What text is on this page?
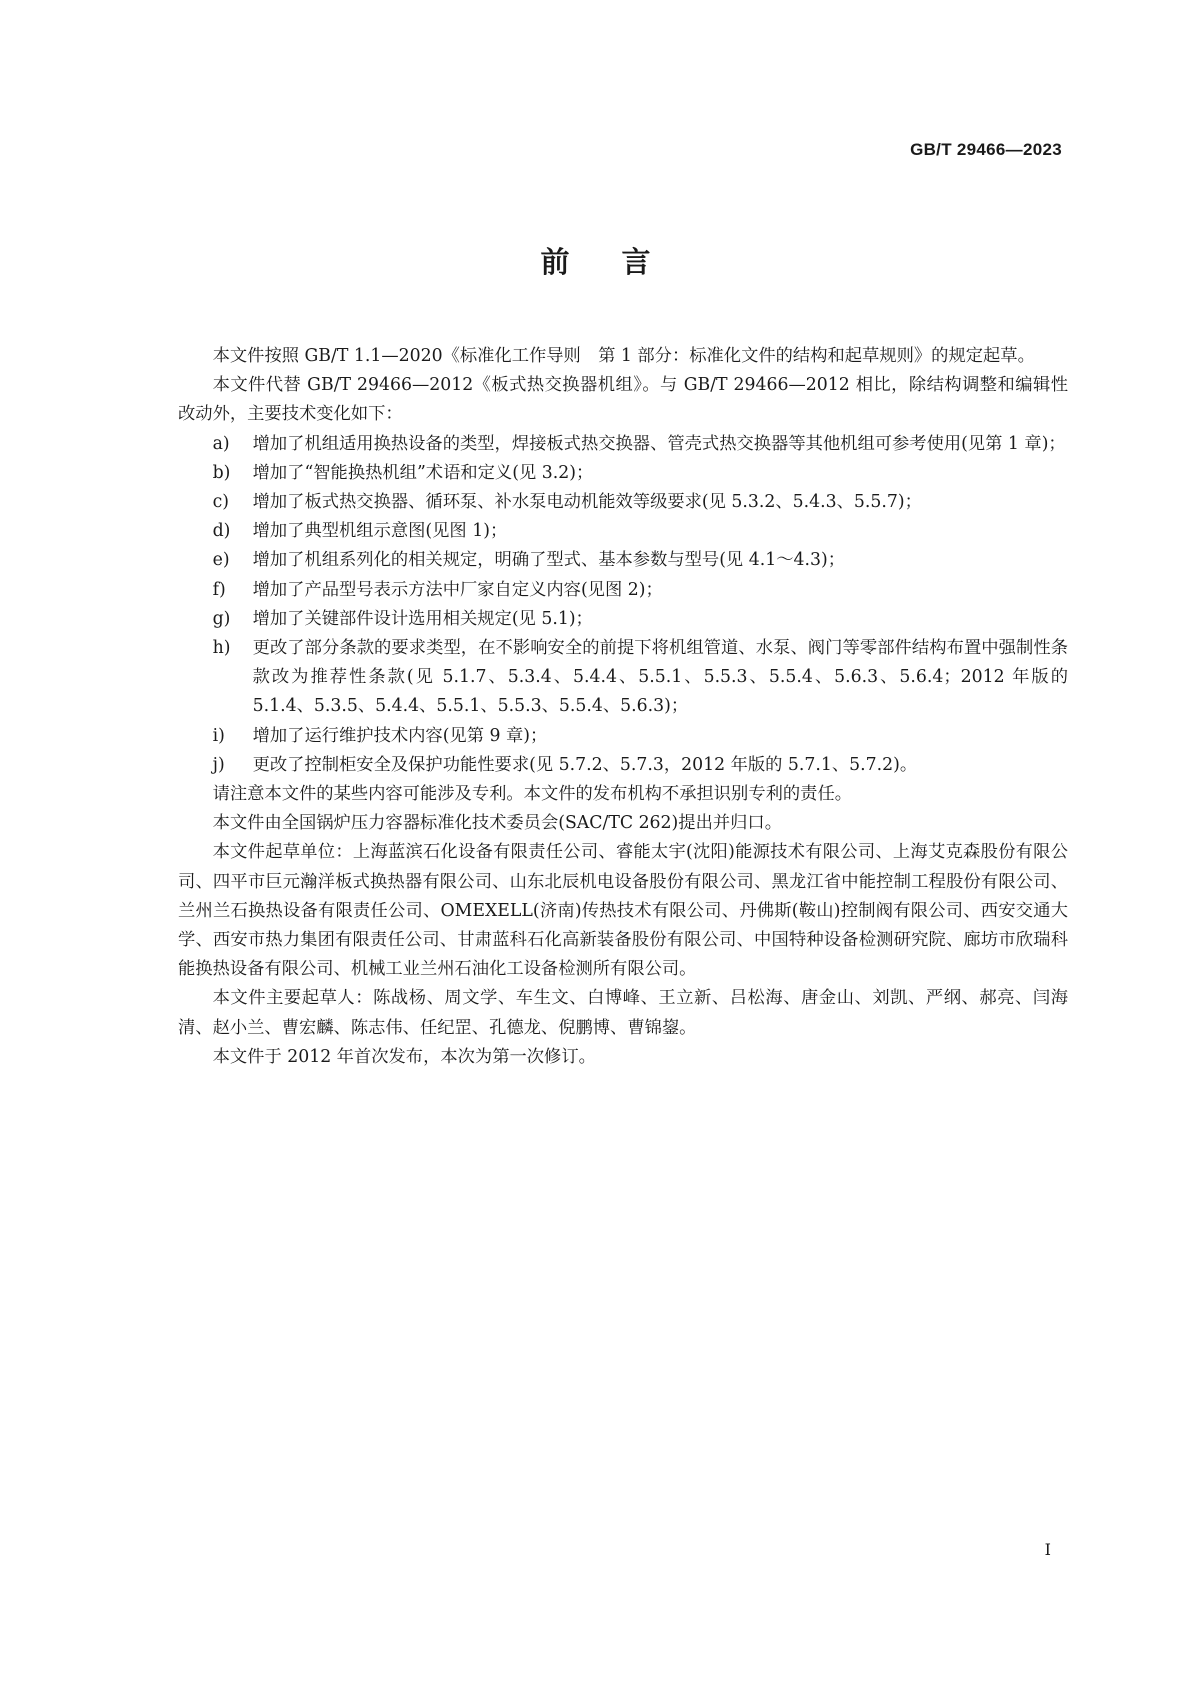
GB/T 29466—2023
前言

本文件按照 GB/T 1.1—2020《标准化工作导则　第 1 部分：标准化文件的结构和起草规则》的规定起草。

本文件代替 GB/T 29466—2012《板式热交换器机组》。与 GB/T 29466—2012 相比，除结构调整和编辑性改动外，主要技术变化如下：

a)	增加了机组适用换热设备的类型，焊接板式热交换器、管壳式热交换器等其他机组可参考使用(见第 1 章)；
b)	增加了“智能换热机组”术语和定义(见 3.2)；
c)	增加了板式热交换器、循环泵、补水泵电动机能效等级要求(见 5.3.2、5.4.3、5.5.7)；
d)	增加了典型机组示意图(见图 1)；
e)	增加了机组系列化的相关规定，明确了型式、基本参数与型号(见 4.1～4.3)；
f)	增加了产品型号表示方法中厂家自定义内容(见图 2)；
g)	增加了关键部件设计选用相关规定(见 5.1)；
h)	更改了部分条款的要求类型，在不影响安全的前提下将机组管道、水泵、阀门等零部件结构布置中强制性条款改为推荐性条款(见 5.1.7、5.3.4、5.4.4、5.5.1、5.5.3、5.5.4、5.6.3、5.6.4；2012 年版的 5.1.4、5.3.5、5.4.4、5.5.1、5.5.3、5.5.4、5.6.3)；
i)	增加了运行维护技术内容(见第 9 章)；
j)	更改了控制柜安全及保护功能性要求(见 5.7.2、5.7.3，2012 年版的 5.7.1、5.7.2)。

请注意本文件的某些内容可能涉及专利。本文件的发布机构不承担识别专利的责任。

本文件由全国锅炉压力容器标准化技术委员会(SAC/TC 262)提出并归口。

本文件起草单位：上海蓝滨石化设备有限责任公司、睿能太宇(沈阳)能源技术有限公司、上海艾克森股份有限公司、四平市巨元瀚洋板式换热器有限公司、山东北辰机电设备股份有限公司、黑龙江省中能控制工程股份有限公司、兰州兰石换热设备有限责任公司、OMEXELL(济南)传热技术有限公司、丹佛斯(鞍山)控制阀有限公司、西安交通大学、西安市热力集团有限责任公司、甘肃蓝科石化高新装备股份有限公司、中国特种设备检测研究院、廊坊市欣瑞科能换热设备有限公司、机械工业兰州石油化工设备检测所有限公司。

本文件主要起草人：陈战杨、周文学、车生文、白博峰、王立新、吕松海、唐金山、刘凯、严纲、郝亮、闫海清、赵小兰、曹宏麟、陈志伟、任纪罡、孔德龙、倪鹏博、曹锦鋆。

本文件于 2012 年首次发布，本次为第一次修订。

I
